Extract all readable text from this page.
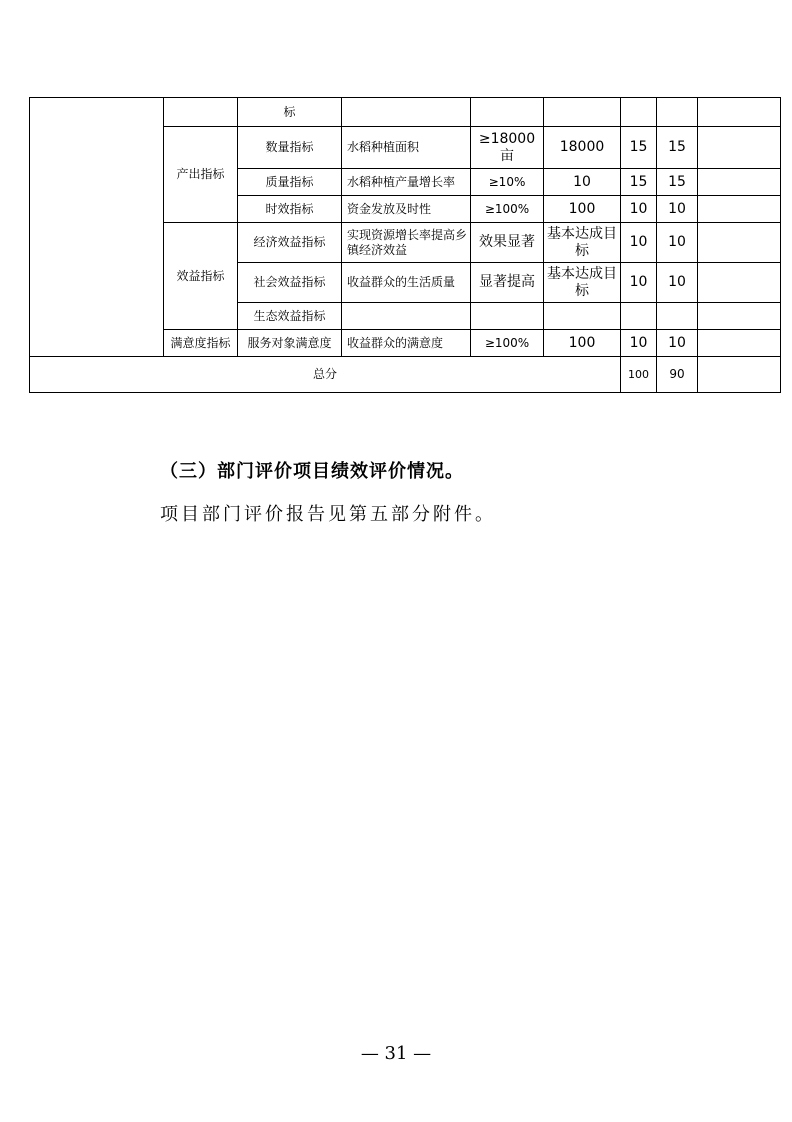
		标						
	产出指标	数量指标	水稻种植面积	≥18000亩	18000	15	15	
		质量指标	水稻种植产量增长率	≥10%	10	15	15	
		时效指标	资金发放及时性	≥100%	100	10	10	
	效益指标	经济效益指标	实现资源增长率提高乡镇经济效益	效果显著	基本达成目标	10	10	
		社会效益指标	收益群众的生活质量	显著提高	基本达成目标	10	10	
		生态效益指标						
	满意度指标	服务对象满意度	收益群众的满意度	≥100%	100	10	10	
总分						100	90	
（三）部门评价项目绩效评价情况。
项目部门评价报告见第五部分附件。
— 31 —
